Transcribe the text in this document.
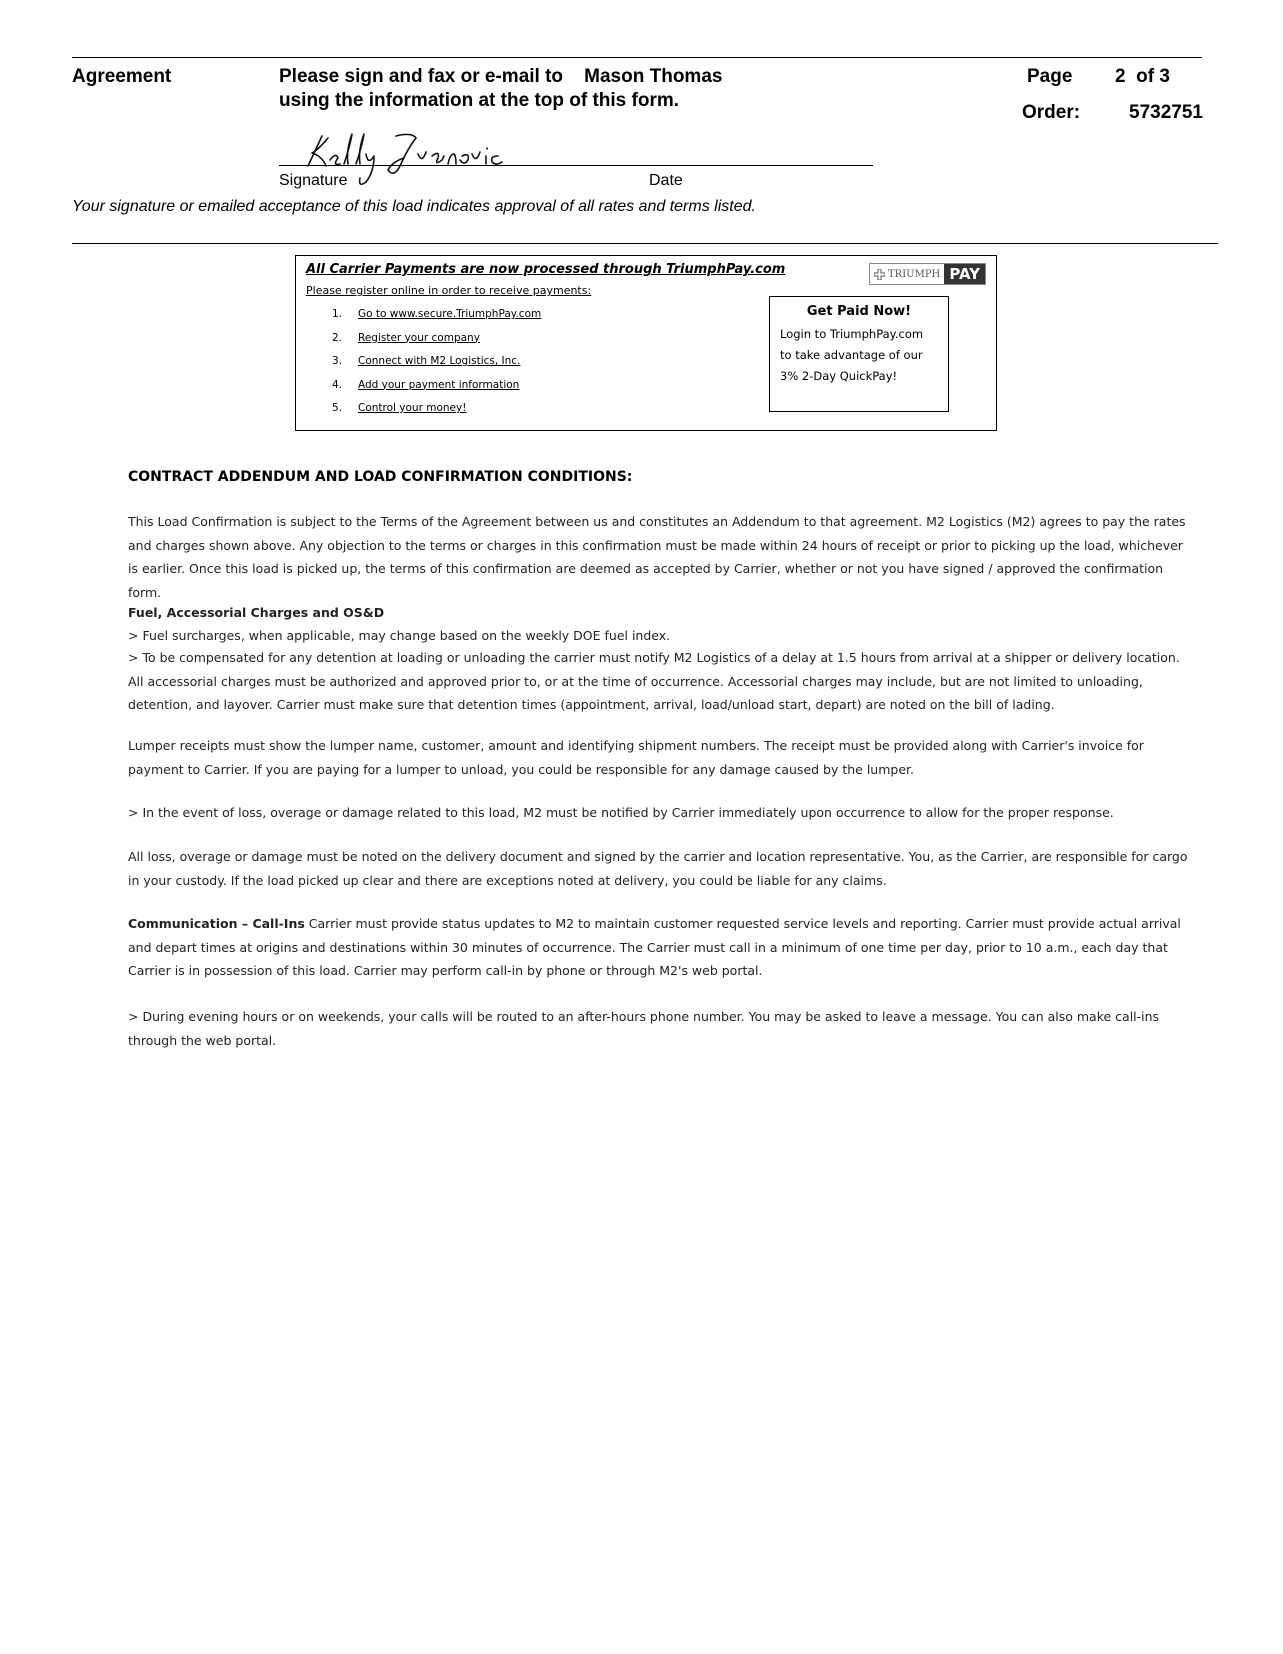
Agreement	Please sign and fax or e-mail to    Mason Thomas
using the information at the top of this form.
Page 2  of 3
Order:	5732751
Signature	Date
Your signature or emailed acceptance of this load indicates approval of all rates and terms listed.
All Carrier Payments are now processed through TriumphPay.com
Please register online in order to receive payments:
1.	Go to www.secure.TriumphPay.com
2.	Register your company
3.	Connect with M2 Logistics, Inc.
4.	Add your payment information
5.	Control your money!
TRIUMPH PAY
Get Paid Now!
Login to TriumphPay.com
to take advantage of our
3% 2-Day QuickPay!
CONTRACT ADDENDUM AND LOAD CONFIRMATION CONDITIONS:
This Load Confirmation is subject to the Terms of the Agreement between us and constitutes an Addendum to that agreement. M2 Logistics (M2) agrees to pay the rates and charges shown above. Any objection to the terms or charges in this confirmation must be made within 24 hours of receipt or prior to picking up the load, whichever is earlier. Once this load is picked up, the terms of this confirmation are deemed as accepted by Carrier, whether or not you have signed / approved the confirmation form.
Fuel, Accessorial Charges and OS&D
> Fuel surcharges, when applicable, may change based on the weekly DOE fuel index.
> To be compensated for any detention at loading or unloading the carrier must notify M2 Logistics of a delay at 1.5 hours from arrival at a shipper or delivery location. All accessorial charges must be authorized and approved prior to, or at the time of occurrence. Accessorial charges may include, but are not limited to unloading, detention, and layover. Carrier must make sure that detention times (appointment, arrival, load/unload start, depart) are noted on the bill of lading.
Lumper receipts must show the lumper name, customer, amount and identifying shipment numbers. The receipt must be provided along with Carrier's invoice for payment to Carrier. If you are paying for a lumper to unload, you could be responsible for any damage caused by the lumper.
> In the event of loss, overage or damage related to this load, M2 must be notified by Carrier immediately upon occurrence to allow for the proper response.
All loss, overage or damage must be noted on the delivery document and signed by the carrier and location representative. You, as the Carrier, are responsible for cargo in your custody. If the load picked up clear and there are exceptions noted at delivery, you could be liable for any claims.
Communication – Call-Ins Carrier must provide status updates to M2 to maintain customer requested service levels and reporting. Carrier must provide actual arrival and depart times at origins and destinations within 30 minutes of occurrence. The Carrier must call in a minimum of one time per day, prior to 10 a.m., each day that Carrier is in possession of this load. Carrier may perform call-in by phone or through M2's web portal.
> During evening hours or on weekends, your calls will be routed to an after-hours phone number. You may be asked to leave a message. You can also make call-ins through the web portal.
